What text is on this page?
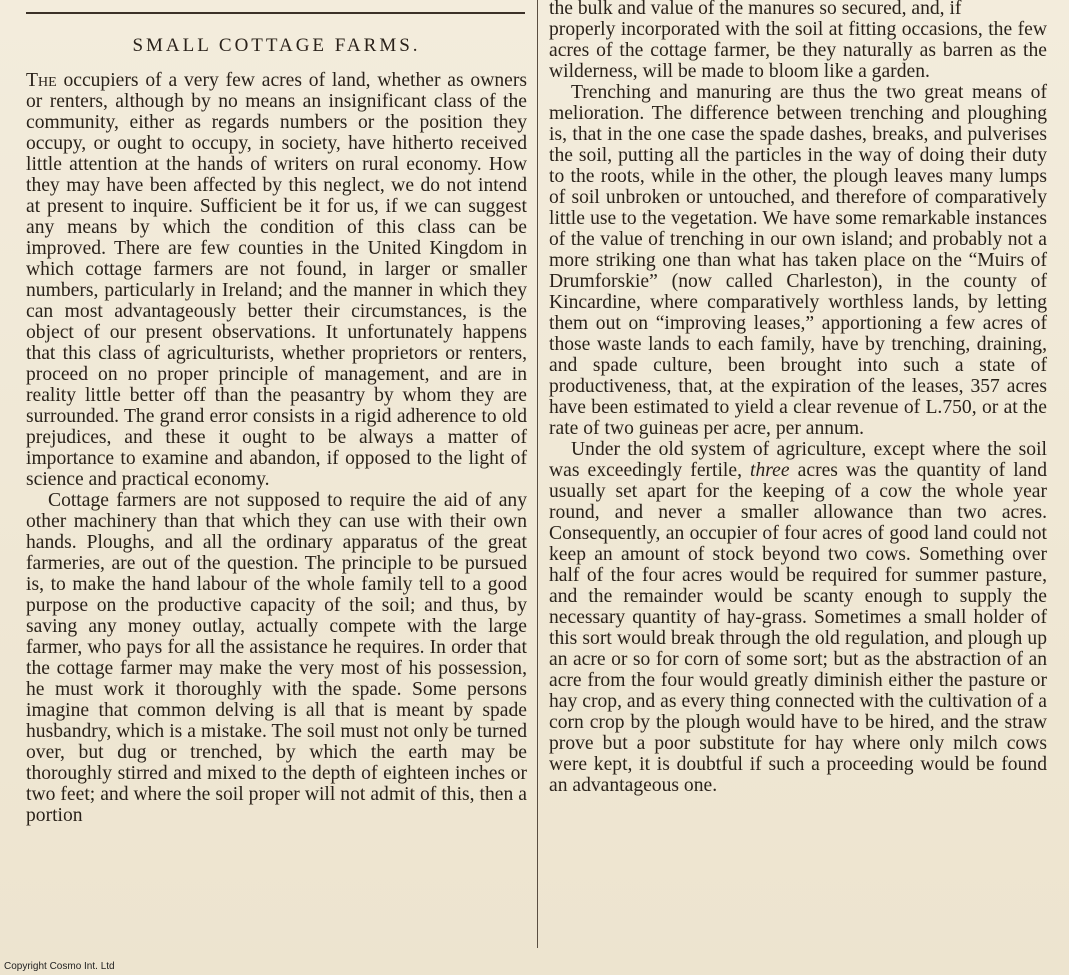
SMALL COTTAGE FARMS.

The occupiers of a very few acres of land, whether as owners or renters, although by no means an insignificant class of the community, either as regards numbers or the position they occupy, or ought to occupy, in society, have hitherto received little attention at the hands of writers on rural economy. How they may have been affected by this neglect, we do not intend at present to inquire. Sufficient be it for us, if we can suggest any means by which the condition of this class can be improved. There are few counties in the United Kingdom in which cottage farmers are not found, in larger or smaller numbers, particularly in Ireland; and the manner in which they can most advantageously better their circumstances, is the object of our present observations. It unfortunately happens that this class of agriculturists, whether proprietors or renters, proceed on no proper principle of management, and are in reality little better off than the peasantry by whom they are surrounded. The grand error consists in a rigid adherence to old prejudices, and these it ought to be always a matter of importance to examine and abandon, if opposed to the light of science and practical economy.

Cottage farmers are not supposed to require the aid of any other machinery than that which they can use with their own hands. Ploughs, and all the ordinary apparatus of the great farmeries, are out of the question. The principle to be pursued is, to make the hand labour of the whole family tell to a good purpose on the productive capacity of the soil; and thus, by saving any money outlay, actually compete with the large farmer, who pays for all the assistance he requires. In order that the cottage farmer may make the very most of his possession, he must work it thoroughly with the spade. Some persons imagine that common delving is all that is meant by spade husbandry, which is a mistake. The soil must not only be turned over, but dug or trenched, by which the earth may be thoroughly stirred and mixed to the depth of eighteen inches or two feet; and where the soil proper will not admit of this, then a portion

the bulk and value of the manures so secured, and, if

properly incorporated with the soil at fitting occasions, the few acres of the cottage farmer, be they naturally as barren as the wilderness, will be made to bloom like a garden.

Trenching and manuring are thus the two great means of melioration. The difference between trenching and ploughing is, that in the one case the spade dashes, breaks, and pulverises the soil, putting all the particles in the way of doing their duty to the roots, while in the other, the plough leaves many lumps of soil unbroken or untouched, and therefore of comparatively little use to the vegetation. We have some remarkable instances of the value of trenching in our own island; and probably not a more striking one than what has taken place on the “Muirs of Drumforskie” (now called Charleston), in the county of Kincardine, where comparatively worthless lands, by letting them out on “improving leases,” apportioning a few acres of those waste lands to each family, have by trenching, draining, and spade culture, been brought into such a state of productiveness, that, at the expiration of the leases, 357 acres have been estimated to yield a clear revenue of L.750, or at the rate of two guineas per acre, per annum.

Under the old system of agriculture, except where the soil was exceedingly fertile, three acres was the quantity of land usually set apart for the keeping of a cow the whole year round, and never a smaller allowance than two acres. Consequently, an occupier of four acres of good land could not keep an amount of stock beyond two cows. Something over half of the four acres would be required for summer pasture, and the remainder would be scanty enough to supply the necessary quantity of hay-grass. Sometimes a small holder of this sort would break through the old regulation, and plough up an acre or so for corn of some sort; but as the abstraction of an acre from the four would greatly diminish either the pasture or hay crop, and as every thing connected with the cultivation of a corn crop by the plough would have to be hired, and the straw prove but a poor substitute for hay where only milch cows were kept, it is doubtful if such a proceeding would be found an advantageous one.

Copyright Cosmo Int. Ltd
